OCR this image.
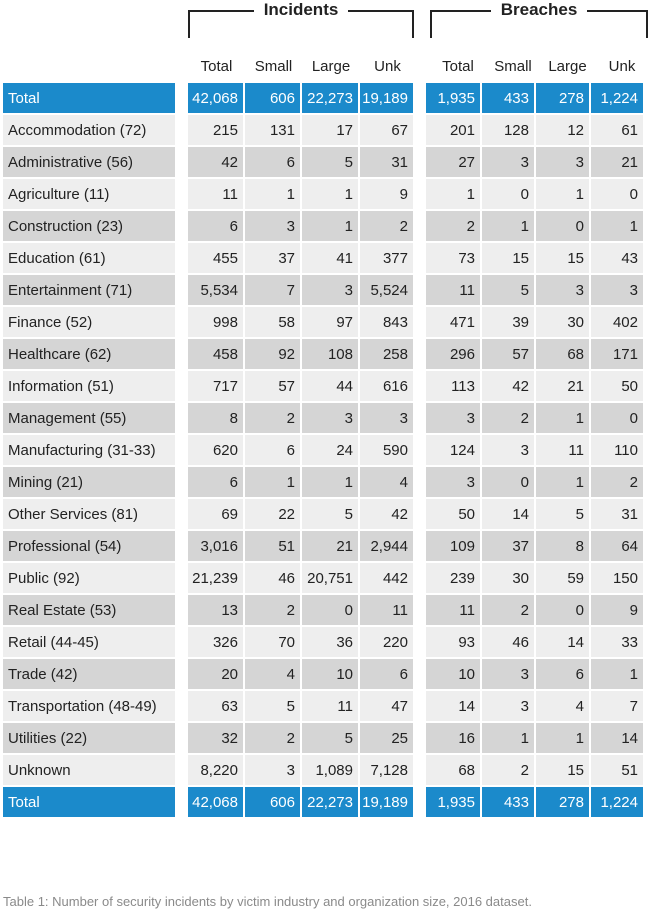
Incidents	Breaches
Total	Small	Large	Unk	Total	Small	Large	Unk
Total		42,068	606	22,273	19,189		1,935	433	278	1,224
Accommodation (72)		215	131	17	67		201	128	12	61
Administrative (56)		42	6	5	31		27	3	3	21
Agriculture (11)		11	1	1	9		1	0	1	0
Construction (23)		6	3	1	2		2	1	0	1
Education (61)		455	37	41	377		73	15	15	43
Entertainment (71)		5,534	7	3	5,524		11	5	3	3
Finance (52)		998	58	97	843		471	39	30	402
Healthcare (62)		458	92	108	258		296	57	68	171
Information (51)		717	57	44	616		113	42	21	50
Management (55)		8	2	3	3		3	2	1	0
Manufacturing (31-33)		620	6	24	590		124	3	11	110
Mining (21)		6	1	1	4		3	0	1	2
Other Services (81)		69	22	5	42		50	14	5	31
Professional (54)		3,016	51	21	2,944		109	37	8	64
Public (92)		21,239	46	20,751	442		239	30	59	150
Real Estate (53)		13	2	0	11		11	2	0	9
Retail (44-45)		326	70	36	220		93	46	14	33
Trade (42)		20	4	10	6		10	3	6	1
Transportation (48-49)		63	5	11	47		14	3	4	7
Utilities (22)		32	2	5	25		16	1	1	14
Unknown		8,220	3	1,089	7,128		68	2	15	51
Total		42,068	606	22,273	19,189		1,935	433	278	1,224
Table 1: Number of security incidents by victim industry and organization size, 2016 dataset.
